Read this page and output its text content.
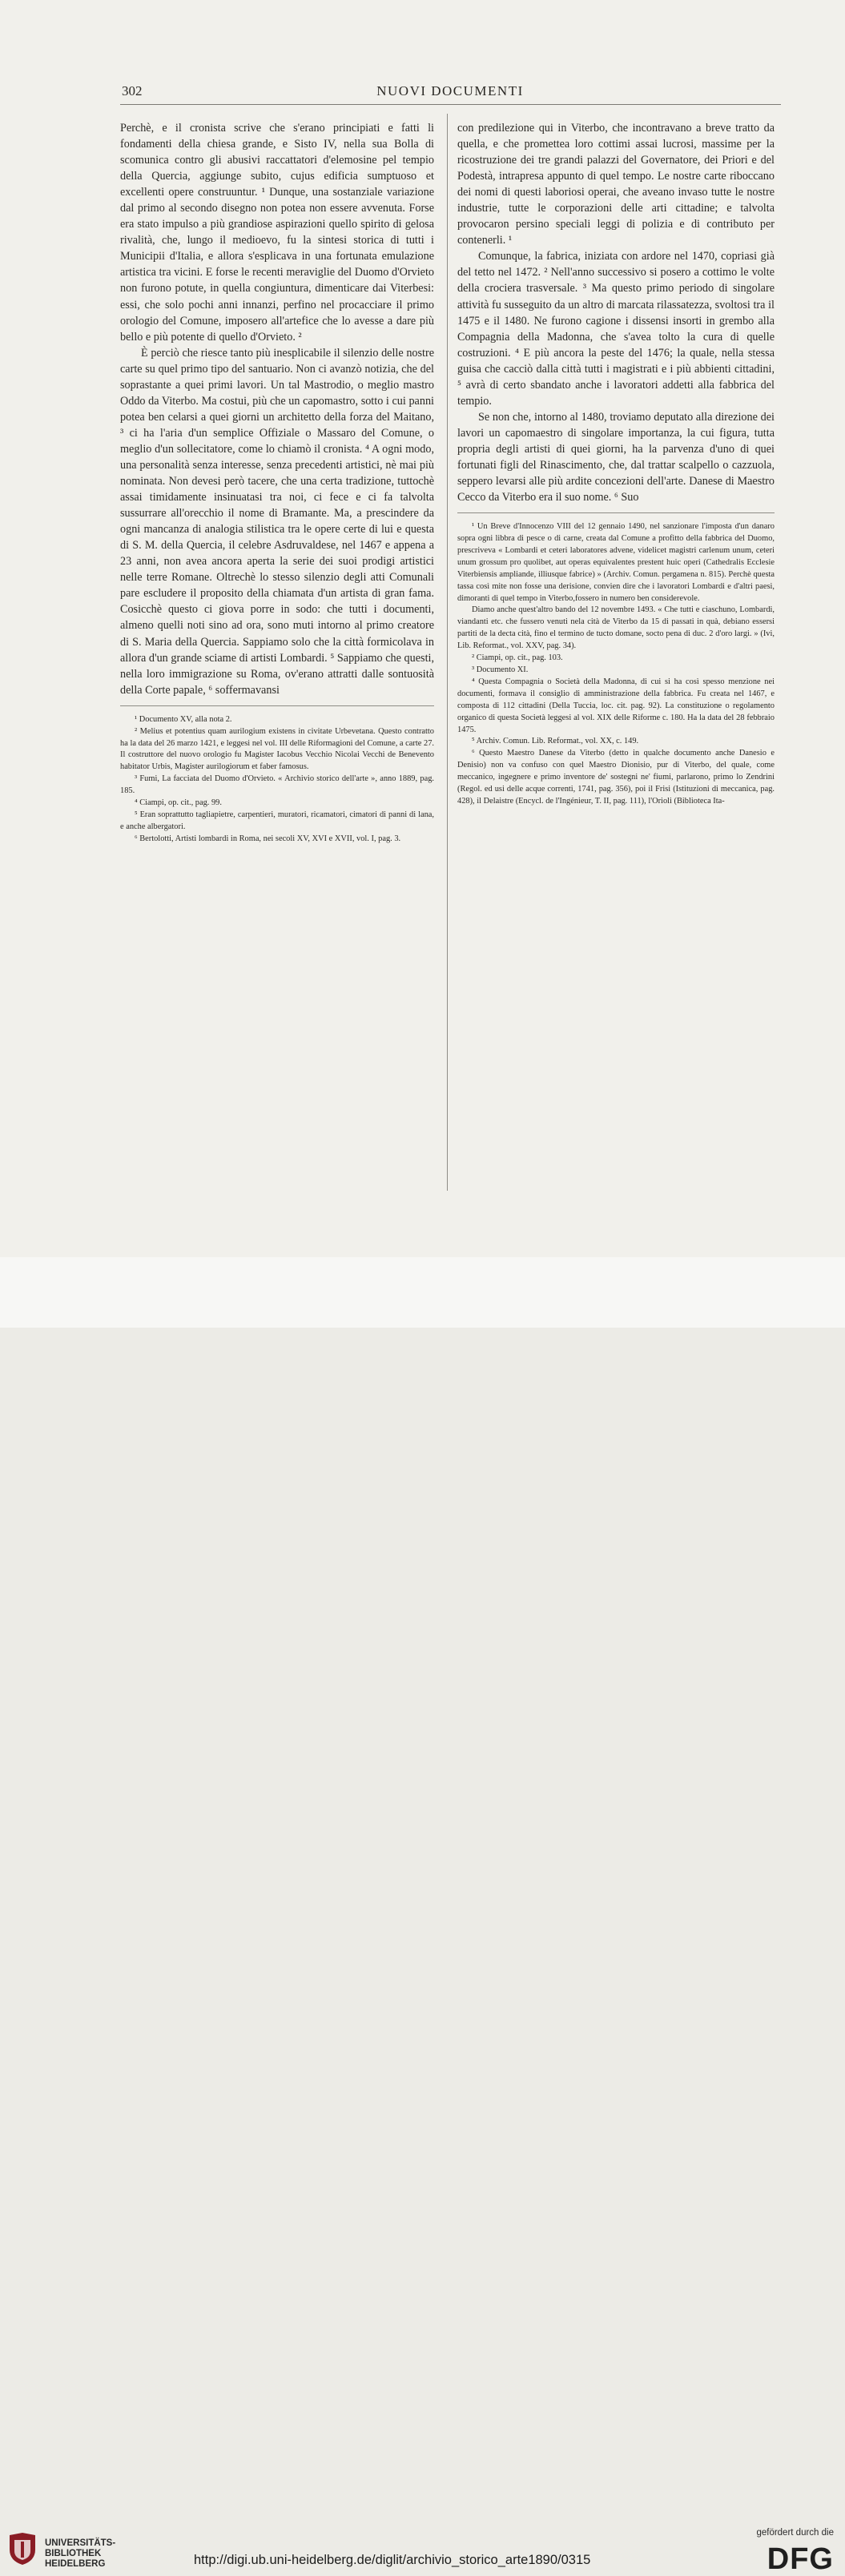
302	NUOVI DOCUMENTI

Perchè, e il cronista scrive che s'erano principiati e fatti li fondamenti della chiesa grande, e Sisto IV, nella sua Bolla di scomunica contro gli abusivi raccattatori d'elemosine pel tempio della Quercia, aggiunge subito, cujus edificia sumptuoso et excellenti opere construuntur. ¹ Dunque, una sostanziale variazione dal primo al secondo disegno non potea non essere avvenuta. Forse era stato impulso a più grandiose aspirazioni quello spirito di gelosa rivalità, che, lungo il medioevo, fu la sintesi storica di tutti i Municipii d'Italia, e allora s'esplicava in una fortunata emulazione artistica tra vicini. E forse le recenti meraviglie del Duomo d'Orvieto non furono potute, in quella congiuntura, dimenticare dai Viterbesi: essi, che solo pochi anni innanzi, perfino nel procacciare il primo orologio del Comune, imposero all'artefice che lo avesse a dare più bello e più potente di quello d'Orvieto. ²

È perciò che riesce tanto più inesplicabile il silenzio delle nostre carte su quel primo tipo del santuario. Non ci avanzò notizia, che del soprastante a quei primi lavori. Un tal Mastrodio, o meglio mastro Oddo da Viterbo. Ma costui, più che un capomastro, sotto i cui panni potea ben celarsi a quei giorni un architetto della forza del Maitano, ³ ci ha l'aria d'un semplice Offiziale o Massaro del Comune, o meglio d'un sollecitatore, come lo chiamò il cronista. ⁴ A ogni modo, una personalità senza interesse, senza precedenti artistici, nè mai più nominata. Non devesi però tacere, che una certa tradizione, tuttochè assai timidamente insinuatasi tra noi, ci fece e ci fa talvolta sussurrare all'orecchio il nome di Bramante. Ma, a prescindere da ogni mancanza di analogia stilistica tra le opere certe di lui e questa di S. M. della Quercia, il celebre Asdruvaldese, nel 1467 e appena a 23 anni, non avea ancora aperta la serie dei suoi prodigi artistici nelle terre Romane. Oltrechè lo stesso silenzio degli atti Comunali pare escludere il proposito della chiamata d'un artista di gran fama. Cosicchè questo ci giova porre in sodo: che tutti i documenti, almeno quelli noti sino ad ora, sono muti intorno al primo creatore di S. Maria della Quercia. Sappiamo solo che la città formicolava in allora d'un grande sciame di artisti Lombardi. ⁵ Sappiamo che questi, nella loro immigrazione su Roma, ov'erano attratti dalle sontuosità della Corte papale, ⁶ soffermavansi

¹ Documento XV, alla nota 2.

² Melius et potentius quam aurilogium existens in civitate Urbevetana. Questo contratto ha la data del 26 marzo 1421, e leggesi nel vol. III delle Riformagioni del Comune, a carte 27. Il costruttore del nuovo orologio fu Magister Iacobus Vecchio Nicolai Vecchi de Benevento habitator Urbis, Magister aurilogiorum et faber famosus.

³ Fumi, La facciata del Duomo d'Orvieto. « Archivio storico dell'arte », anno 1889, pag. 185.

⁴ Ciampi, op. cit., pag. 99.

⁵ Eran soprattutto tagliapietre, carpentieri, muratori, ricamatori, cimatori di panni di lana, e anche albergatori.

⁶ Bertolotti, Artisti lombardi in Roma, nei secoli XV, XVI e XVII, vol. I, pag. 3.

con predilezione qui in Viterbo, che incontravano a breve tratto da quella, e che promettea loro cottimi assai lucrosi, massime per la ricostruzione dei tre grandi palazzi del Governatore, dei Priori e del Podestà, intrapresa appunto di quel tempo. Le nostre carte riboccano dei nomi di questi laboriosi operai, che aveano invaso tutte le nostre industrie, tutte le corporazioni delle arti cittadine; e talvolta provocaron persino speciali leggi di polizia e di contributo per contenerli. ¹

Comunque, la fabrica, iniziata con ardore nel 1470, copriasi già del tetto nel 1472. ² Nell'anno successivo si posero a cottimo le volte della crociera trasversale. ³ Ma questo primo periodo di singolare attività fu susseguito da un altro di marcata rilassatezza, svoltosi tra il 1475 e il 1480. Ne furono cagione i dissensi insorti in grembo alla Compagnia della Madonna, che s'avea tolto la cura di quelle costruzioni. ⁴ E più ancora la peste del 1476; la quale, nella stessa guisa che cacciò dalla città tutti i magistrati e i più abbienti cittadini, ⁵ avrà di certo sbandato anche i lavoratori addetti alla fabbrica del tempio.

Se non che, intorno al 1480, troviamo deputato alla direzione dei lavori un capomaestro di singolare importanza, la cui figura, tutta propria degli artisti di quei giorni, ha la parvenza d'uno di quei fortunati figli del Rinascimento, che, dal trattar scalpello o cazzuola, seppero levarsi alle più ardite concezioni dell'arte. Danese di Maestro Cecco da Viterbo era il suo nome. ⁶ Suo

¹ Un Breve d'Innocenzo VIII del 12 gennaio 1490, nel sanzionare l'imposta d'un danaro sopra ogni libbra di pesce o di carne, creata dal Comune a profitto della fabbrica del Duomo, prescriveva « Lombardi et ceteri laboratores advene, videlicet magistri carlenum unum, ceteri unum grossum pro quolibet, aut operas equivalentes prestent huic operi (Cathedralis Ecclesie Viterbiensis ampliande, illiusque fabrice) » (Archiv. Comun. pergamena n. 815). Perchè questa tassa così mite non fosse una derisione, convien dire che i lavoratori Lombardi e d'altri paesi, dimoranti di quel tempo in Viterbo,fossero in numero ben considerevole.

Diamo anche quest'altro bando del 12 novembre 1493. « Che tutti e ciaschuno, Lombardi, viandanti etc. che fussero venuti nela cità de Viterbo da 15 di passati in quà, debiano essersi partiti de la decta cità, fino el termino de tucto domane, socto pena di duc. 2 d'oro largi. » (Ivi, Lib. Reformat., vol. XXV, pag. 34).

² Ciampi, op. cit., pag. 103.

³ Documento XI.

⁴ Questa Compagnia o Società della Madonna, di cui si ha così spesso menzione nei documenti, formava il consiglio di amministrazione della fabbrica. Fu creata nel 1467, e composta di 112 cittadini (Della Tuccia, loc. cit. pag. 92). La constituzione o regolamento organico di questa Società leggesi al vol. XIX delle Riforme c. 180. Ha la data del 28 febbraio 1475.

⁵ Archiv. Comun. Lib. Reformat., vol. XX, c. 149.

⁶ Questo Maestro Danese da Viterbo (detto in qualche documento anche Danesio e Denisio) non va confuso con quel Maestro Dionisio, pur di Viterbo, del quale, come meccanico, ingegnere e primo inventore de' sostegni ne' fiumi, parlarono, primo lo Zendrini (Regol. ed usi delle acque correnti, 1741, pag. 356), poi il Frisi (Istituzioni di meccanica, pag. 428), il Delaistre (Encycl. de l'Ingénieur, T. II, pag. 111), l'Orioli (Biblioteca Ita-

UNIVERSITÄTS-
BIBLIOTHEK
HEIDELBERG	http://digi.ub.uni-heidelberg.de/diglit/archivio_storico_arte1890/0315
gefördert durch die
DFG
